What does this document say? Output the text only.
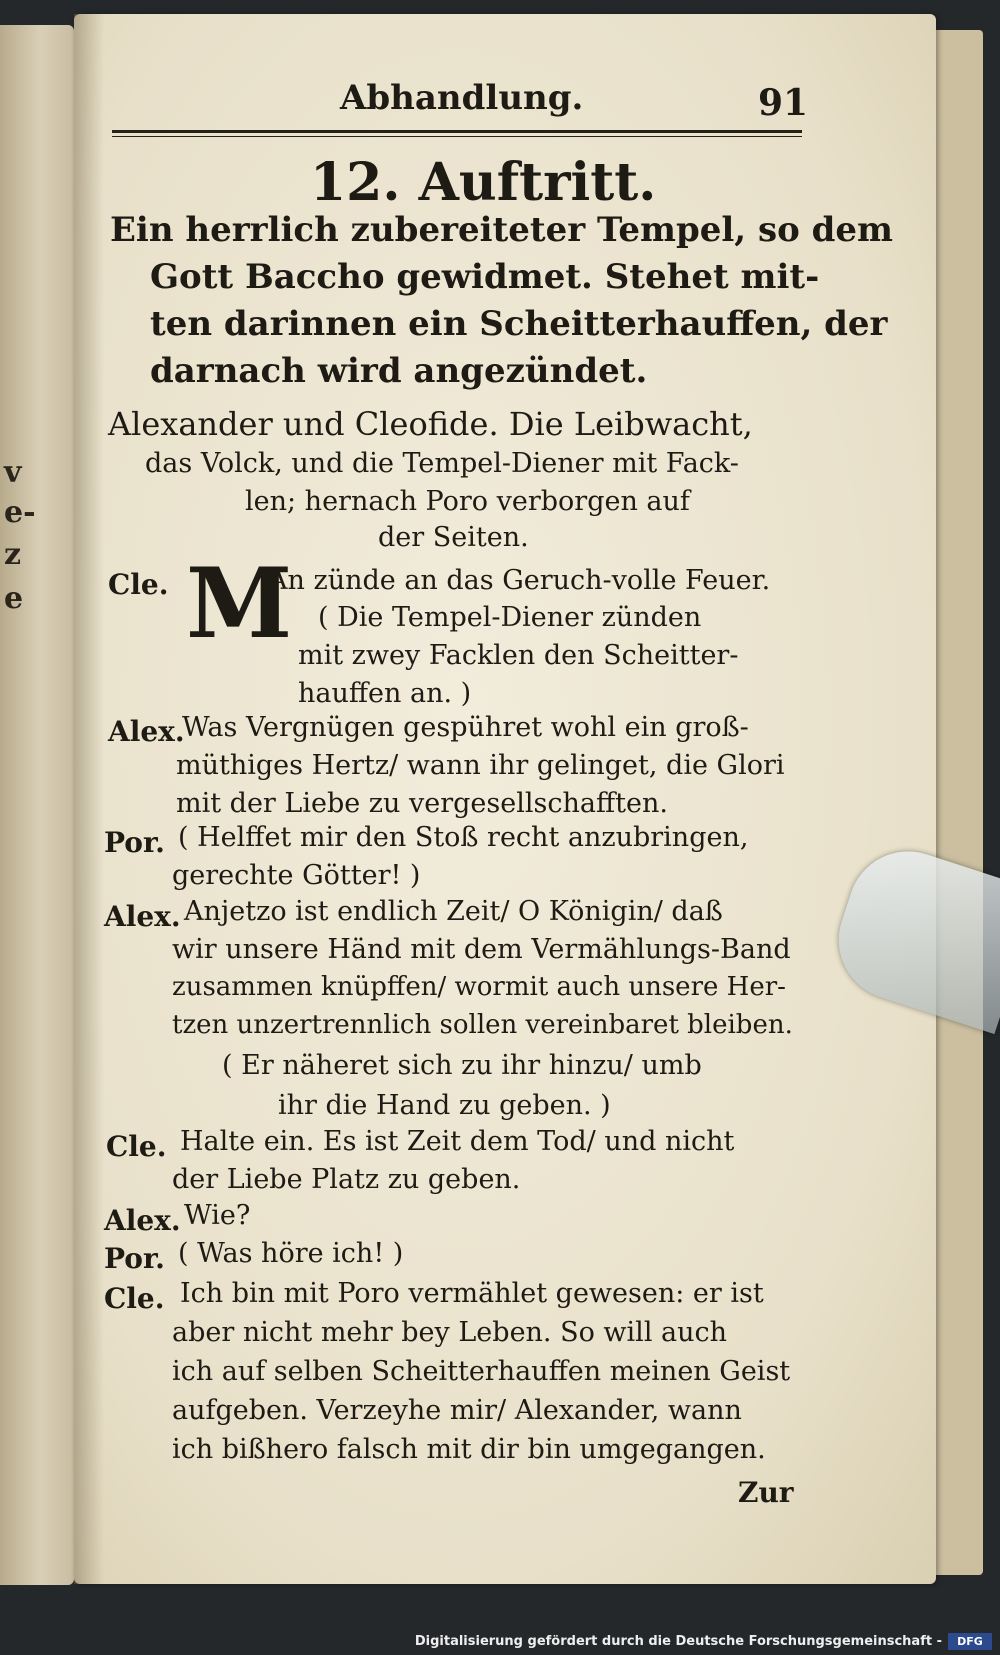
v
e-
z
e
Abhandlung.	91
12. Auftritt.
Ein herrlich zubereiteter Tempel, so dem
Gott Baccho gewidmet. Stehet mit-
ten darinnen ein Scheitterhauffen, der
darnach wird angezündet.
Alexander und Cleofide. Die Leibwacht,
das Volck, und die Tempel-Diener mit Fack-
len; hernach Poro verborgen auf
der Seiten.
M
Cle.	An zünde an das Geruch-volle Feuer.
( Die Tempel-Diener zünden
mit zwey Facklen den Scheitter-
hauffen an. )
Alex.
Was Vergnügen gespühret wohl ein groß-
müthiges Hertz/ wann ihr gelinget, die Glori
mit der Liebe zu vergesellschafften.
Por. ( Helffet mir den Stoß recht anzubringen,
gerechte Götter! )
Alex. Anjetzo ist endlich Zeit/ O Königin/ daß
wir unsere Händ mit dem Vermählungs-Band
zusammen knüpffen/ wormit auch unsere Her-
tzen unzertrennlich sollen vereinbaret bleiben.
( Er näheret sich zu ihr hinzu/ umb
ihr die Hand zu geben. )
Cle. Halte ein. Es ist Zeit dem Tod/ und nicht
der Liebe Platz zu geben.
Alex. Wie?
Por. ( Was höre ich! )
Cle. Ich bin mit Poro vermählet gewesen: er ist
aber nicht mehr bey Leben. So will auch
ich auf selben Scheitterhauffen meinen Geist
aufgeben. Verzeyhe mir/ Alexander, wann
ich bißhero falsch mit dir bin umgegangen.
Zur
Digitalisierung gefördert durch die Deutsche Forschungsgemeinschaft -	DFG
